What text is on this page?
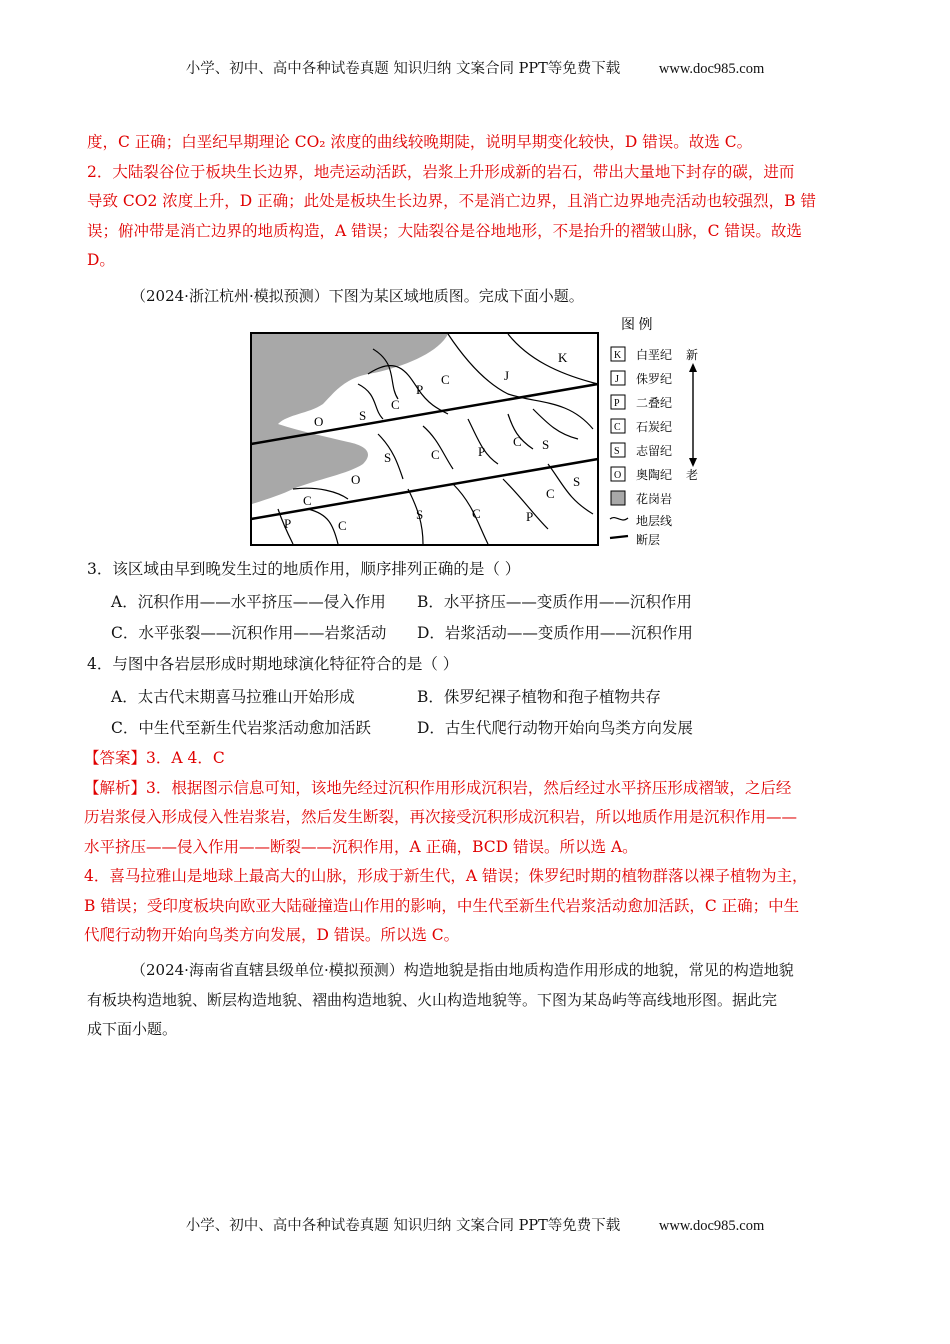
小学、初中、高中各种试卷真题 知识归纳 文案合同 PPT等免费下载	www.doc985.com
度，C 正确；白垩纪早期理论 CO₂ 浓度的曲线较晚期陡，说明早期变化较快，D 错误。故选 C。
2．大陆裂谷位于板块生长边界，地壳运动活跃，岩浆上升形成新的岩石，带出大量地下封存的碳，进而
导致 CO2 浓度上升，D 正确；此处是板块生长边界，不是消亡边界，且消亡边界地壳活动也较强烈，B 错
误；俯冲带是消亡边界的地质构造，A 错误；大陆裂谷是谷地地形，不是抬升的褶皱山脉，C 错误。故选
D。
（2024·浙江杭州·模拟预测）下图为某区域地质图。完成下面小题。
K
J
P
C
C
O	S
C	P
C S
S
O
C
C
S	C	P
P	C
S
图 例
K 白垩纪 新
J 侏罗纪
P 二叠纪
C 石炭纪
S 志留纪
O 奥陶纪 老
花岗岩
地层线
断层
3．该区域由早到晚发生过的地质作用，顺序排列正确的是（ ）
A．沉积作用——水平挤压——侵入作用 B．水平挤压——变质作用——沉积作用
C．水平张裂——沉积作用——岩浆活动 D．岩浆活动——变质作用——沉积作用
4．与图中各岩层形成时期地球演化特征符合的是（ ）
A．太古代末期喜马拉雅山开始形成	B．侏罗纪裸子植物和孢子植物共存
C．中生代至新生代岩浆活动愈加活跃	D．古生代爬行动物开始向鸟类方向发展
【答案】3．A 4．C
【解析】3．根据图示信息可知，该地先经过沉积作用形成沉积岩，然后经过水平挤压形成褶皱，之后经
历岩浆侵入形成侵入性岩浆岩，然后发生断裂，再次接受沉积形成沉积岩，所以地质作用是沉积作用——
水平挤压——侵入作用——断裂——沉积作用，A 正确，BCD 错误。所以选 A。
4．喜马拉雅山是地球上最高大的山脉，形成于新生代，A 错误；侏罗纪时期的植物群落以裸子植物为主，
B 错误；受印度板块向欧亚大陆碰撞造山作用的影响，中生代至新生代岩浆活动愈加活跃，C 正确；中生
代爬行动物开始向鸟类方向发展，D 错误。所以选 C。
（2024·海南省直辖县级单位·模拟预测）构造地貌是指由地质构造作用形成的地貌，常见的构造地貌
有板块构造地貌、断层构造地貌、褶曲构造地貌、火山构造地貌等。下图为某岛屿等高线地形图。据此完
成下面小题。
小学、初中、高中各种试卷真题 知识归纳 文案合同 PPT等免费下载	www.doc985.com
